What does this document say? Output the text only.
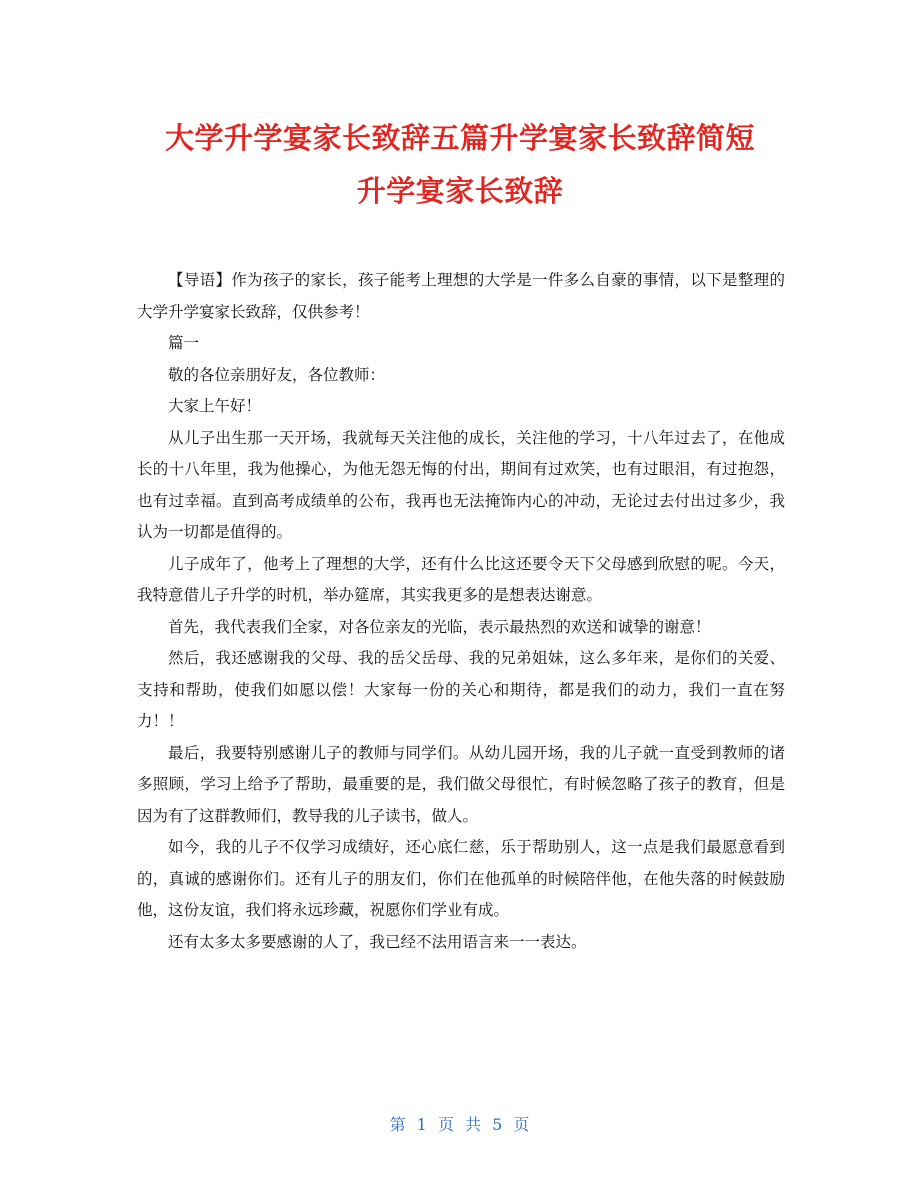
大学升学宴家长致辞五篇升学宴家长致辞简短
升学宴家长致辞

【导语】作为孩子的家长，孩子能考上理想的大学是一件多么自豪的事情，以下是整理的大学升学宴家长致辞，仅供参考！

篇一

敬的各位亲朋好友，各位教师：

大家上午好！

从儿子出生那一天开场，我就每天关注他的成长，关注他的学习，十八年过去了，在他成长的十八年里，我为他操心，为他无怨无悔的付出，期间有过欢笑，也有过眼泪，有过抱怨，也有过幸福。直到高考成绩单的公布，我再也无法掩饰内心的冲动，无论过去付出过多少，我认为一切都是值得的。

儿子成年了，他考上了理想的大学，还有什么比这还要令天下父母感到欣慰的呢。今天，我特意借儿子升学的时机，举办筵席，其实我更多的是想表达谢意。

首先，我代表我们全家，对各位亲友的光临，表示最热烈的欢送和诚挚的谢意！

然后，我还感谢我的父母、我的岳父岳母、我的兄弟姐妹，这么多年来，是你们的关爱、支持和帮助，使我们如愿以偿！大家每一份的关心和期待，都是我们的动力，我们一直在努力！！

最后，我要特别感谢儿子的教师与同学们。从幼儿园开场，我的儿子就一直受到教师的诸多照顾，学习上给予了帮助，最重要的是，我们做父母很忙，有时候忽略了孩子的教育，但是因为有了这群教师们，教导我的儿子读书，做人。

如今，我的儿子不仅学习成绩好，还心底仁慈，乐于帮助别人，这一点是我们最愿意看到的，真诚的感谢你们。还有儿子的朋友们，你们在他孤单的时候陪伴他，在他失落的时候鼓励他，这份友谊，我们将永远珍藏，祝愿你们学业有成。

还有太多太多要感谢的人了，我已经不法用语言来一一表达。

第 1 页 共 5 页
